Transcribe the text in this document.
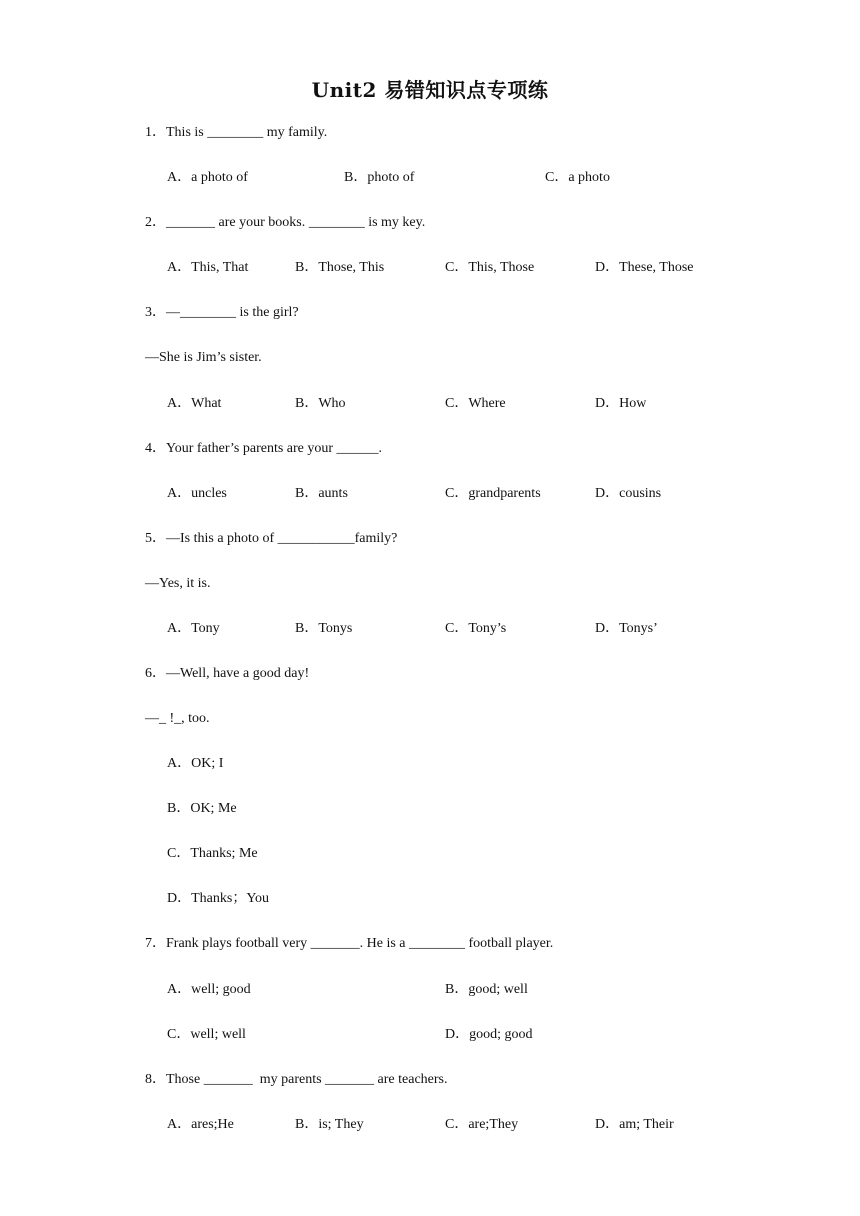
Unit2 易错知识点专项练
1．This is ________ my family.
A．a photo of	B．photo of	C．a photo
2．_______ are your books. ________ is my key.
A．This, That	B．Those, This	C．This, Those	D．These, Those
3．—________ is the girl?
—She is Jim’s sister.
A．What	B．Who	C．Where	D．How
4．Your father’s parents are your ______.
A．uncles	B．aunts	C．grandparents	D．cousins
5．—Is this a photo of ___________family?
—Yes, it is.
A．Tony	B．Tonys	C．Tony’s	D．Tonys’
6．—Well, have a good day!
—_ !_, too.
A．OK; I
B．OK; Me
C．Thanks; Me
D．Thanks；You
7．Frank plays football very _______. He is a ________ football player.
A．well; good	B．good; well
C．well; well	D．good; good
8．Those _______  my parents _______ are teachers.
A．ares;He	B．is; They	C．are;They	D．am; Their
